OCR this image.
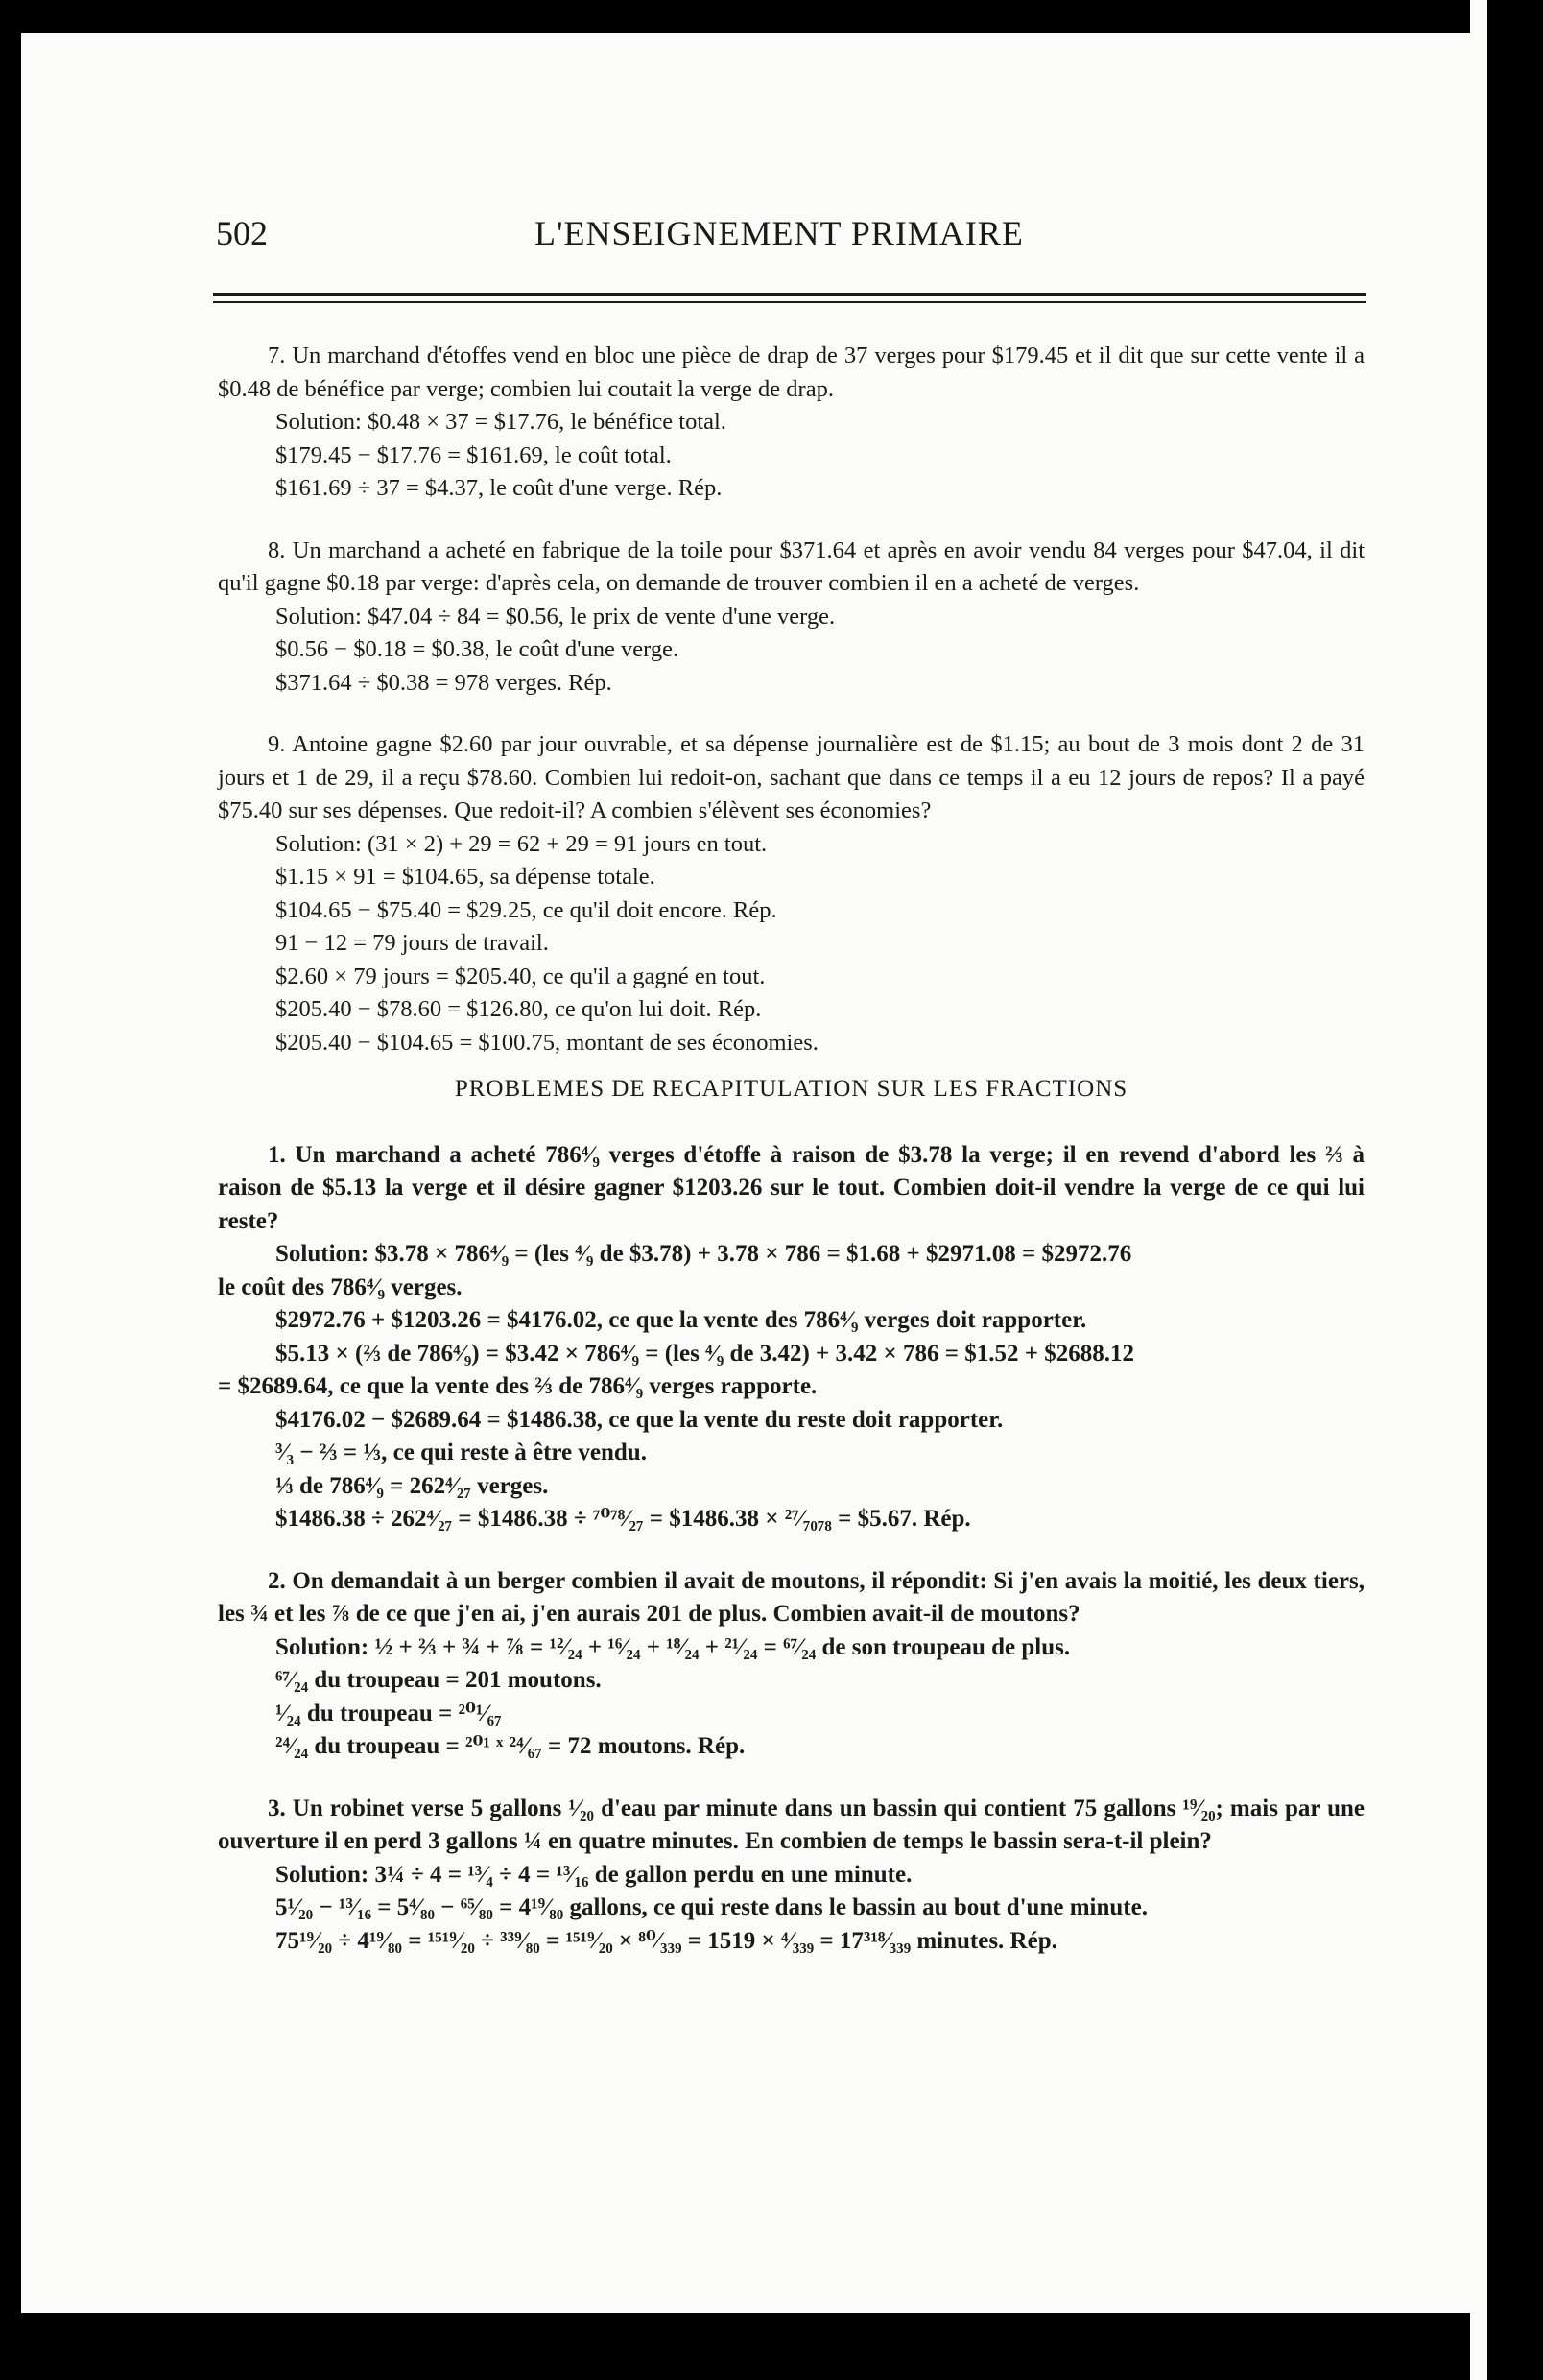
502	L'ENSEIGNEMENT PRIMAIRE

7. Un marchand d'étoffes vend en bloc une pièce de drap de 37 verges pour $179.45 et il dit que sur cette vente il a $0.48 de bénéfice par verge; combien lui coutait la verge de drap.

Solution: $0.48 × 37 = $17.76, le bénéfice total.

$179.45 − $17.76 = $161.69, le coût total.

$161.69 ÷ 37 = $4.37, le coût d'une verge. Rép.

8. Un marchand a acheté en fabrique de la toile pour $371.64 et après en avoir vendu 84 verges pour $47.04, il dit qu'il gagne $0.18 par verge: d'après cela, on demande de trouver combien il en a acheté de verges.

Solution: $47.04 ÷ 84 = $0.56, le prix de vente d'une verge.

$0.56 − $0.18 = $0.38, le coût d'une verge.

$371.64 ÷ $0.38 = 978 verges. Rép.

9. Antoine gagne $2.60 par jour ouvrable, et sa dépense journalière est de $1.15; au bout de 3 mois dont 2 de 31 jours et 1 de 29, il a reçu $78.60. Combien lui redoit-on, sachant que dans ce temps il a eu 12 jours de repos? Il a payé $75.40 sur ses dépenses. Que redoit-il? A combien s'élèvent ses économies?

Solution: (31 × 2) + 29 = 62 + 29 = 91 jours en tout.

$1.15 × 91 = $104.65, sa dépense totale.

$104.65 − $75.40 = $29.25, ce qu'il doit encore. Rép.

91 − 12 = 79 jours de travail.

$2.60 × 79 jours = $205.40, ce qu'il a gagné en tout.

$205.40 − $78.60 = $126.80, ce qu'on lui doit. Rép.

$205.40 − $104.65 = $100.75, montant de ses économies.

PROBLEMES DE RECAPITULATION SUR LES FRACTIONS

1. Un marchand a acheté 786⁴⁄₉ verges d'étoffe à raison de $3.78 la verge; il en revend d'abord les ⅔ à raison de $5.13 la verge et il désire gagner $1203.26 sur le tout. Combien doit-il vendre la verge de ce qui lui reste?

Solution: $3.78 × 786⁴⁄₉ = (les ⁴⁄₉ de $3.78) + 3.78 × 786 = $1.68 + $2971.08 = $2972.76

le coût des 786⁴⁄₉ verges.

$2972.76 + $1203.26 = $4176.02, ce que la vente des 786⁴⁄₉ verges doit rapporter.

$5.13 × (⅔ de 786⁴⁄₉) = $3.42 × 786⁴⁄₉ = (les ⁴⁄₉ de 3.42) + 3.42 × 786 = $1.52 + $2688.12

= $2689.64, ce que la vente des ⅔ de 786⁴⁄₉ verges rapporte.

$4176.02 − $2689.64 = $1486.38, ce que la vente du reste doit rapporter.

³⁄₃ − ⅔ = ⅓, ce qui reste à être vendu.

⅓ de 786⁴⁄₉ = 262⁴⁄₂₇ verges.

$1486.38 ÷ 262⁴⁄₂₇ = $1486.38 ÷ ⁷⁰⁷⁸⁄₂₇ = $1486.38 × ²⁷⁄₇₀₇₈ = $5.67. Rép.

2. On demandait à un berger combien il avait de moutons, il répondit: Si j'en avais la moitié, les deux tiers, les ¾ et les ⅞ de ce que j'en ai, j'en aurais 201 de plus. Combien avait-il de moutons?

Solution: ½ + ⅔ + ¾ + ⅞ = ¹²⁄₂₄ + ¹⁶⁄₂₄ + ¹⁸⁄₂₄ + ²¹⁄₂₄ = ⁶⁷⁄₂₄ de son troupeau de plus.

⁶⁷⁄₂₄ du troupeau = 201 moutons.

¹⁄₂₄ du troupeau = ²⁰¹⁄₆₇

²⁴⁄₂₄ du troupeau = ²⁰¹ ˣ ²⁴⁄₆₇ = 72 moutons. Rép.

3. Un robinet verse 5 gallons ¹⁄₂₀ d'eau par minute dans un bassin qui contient 75 gallons ¹⁹⁄₂₀; mais par une ouverture il en perd 3 gallons ¼ en quatre minutes. En combien de temps le bassin sera-t-il plein?

Solution: 3¼ ÷ 4 = ¹³⁄₄ ÷ 4 = ¹³⁄₁₆ de gallon perdu en une minute.

5¹⁄₂₀ − ¹³⁄₁₆ = 5⁴⁄₈₀ − ⁶⁵⁄₈₀ = 4¹⁹⁄₈₀ gallons, ce qui reste dans le bassin au bout d'une minute.

75¹⁹⁄₂₀ ÷ 4¹⁹⁄₈₀ = ¹⁵¹⁹⁄₂₀ ÷ ³³⁹⁄₈₀ = ¹⁵¹⁹⁄₂₀ × ⁸⁰⁄₃₃₉ = 1519 × ⁴⁄₃₃₉ = 17³¹⁸⁄₃₃₉ minutes. Rép.
